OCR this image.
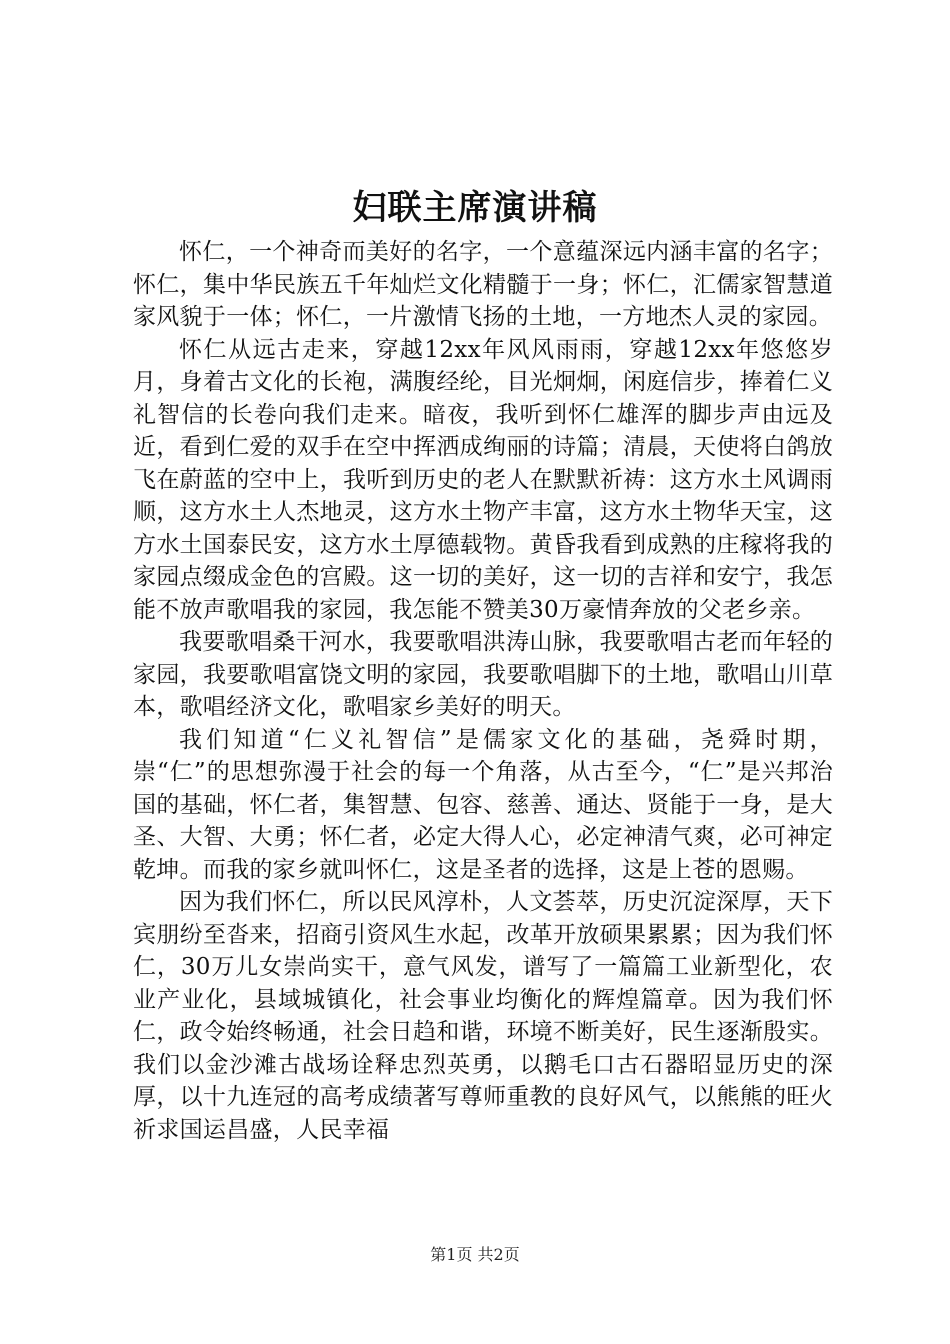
妇联主席演讲稿

怀仁，一个神奇而美好的名字，一个意蕴深远内涵丰富的名字；怀仁，集中华民族五千年灿烂文化精髓于一身；怀仁，汇儒家智慧道家风貌于一体；怀仁，一片激情飞扬的土地，一方地杰人灵的家园。

怀仁从远古走来，穿越12xx年风风雨雨，穿越12xx年悠悠岁月，身着古文化的长袍，满腹经纶，目光炯炯，闲庭信步，捧着仁义礼智信的长卷向我们走来。暗夜，我听到怀仁雄浑的脚步声由远及近，看到仁爱的双手在空中挥洒成绚丽的诗篇；清晨，天使将白鸽放飞在蔚蓝的空中上，我听到历史的老人在默默祈祷：这方水土风调雨顺，这方水土人杰地灵，这方水土物产丰富，这方水土物华天宝，这方水土国泰民安，这方水土厚德载物。黄昏我看到成熟的庄稼将我的家园点缀成金色的宫殿。这一切的美好，这一切的吉祥和安宁，我怎能不放声歌唱我的家园，我怎能不赞美30万豪情奔放的父老乡亲。

我要歌唱桑干河水，我要歌唱洪涛山脉，我要歌唱古老而年轻的家园，我要歌唱富饶文明的家园，我要歌唱脚下的土地，歌唱山川草本，歌唱经济文化，歌唱家乡美好的明天。

我们知道“仁义礼智信”是儒家文化的基础，尧舜时期，崇“仁”的思想弥漫于社会的每一个角落，从古至今，“仁”是兴邦治国的基础，怀仁者，集智慧、包容、慈善、通达、贤能于一身，是大圣、大智、大勇；怀仁者，必定大得人心，必定神清气爽，必可神定乾坤。而我的家乡就叫怀仁，这是圣者的选择，这是上苍的恩赐。

因为我们怀仁，所以民风淳朴，人文荟萃，历史沉淀深厚，天下宾朋纷至沓来，招商引资风生水起，改革开放硕果累累；因为我们怀仁，30万儿女崇尚实干，意气风发，谱写了一篇篇工业新型化，农业产业化，县域城镇化，社会事业均衡化的辉煌篇章。因为我们怀仁，政令始终畅通，社会日趋和谐，环境不断美好，民生逐渐殷实。我们以金沙滩古战场诠释忠烈英勇，以鹅毛口古石器昭显历史的深厚，以十九连冠的高考成绩著写尊师重教的良好风气，以熊熊的旺火祈求国运昌盛，人民幸福

第1页 共2页
